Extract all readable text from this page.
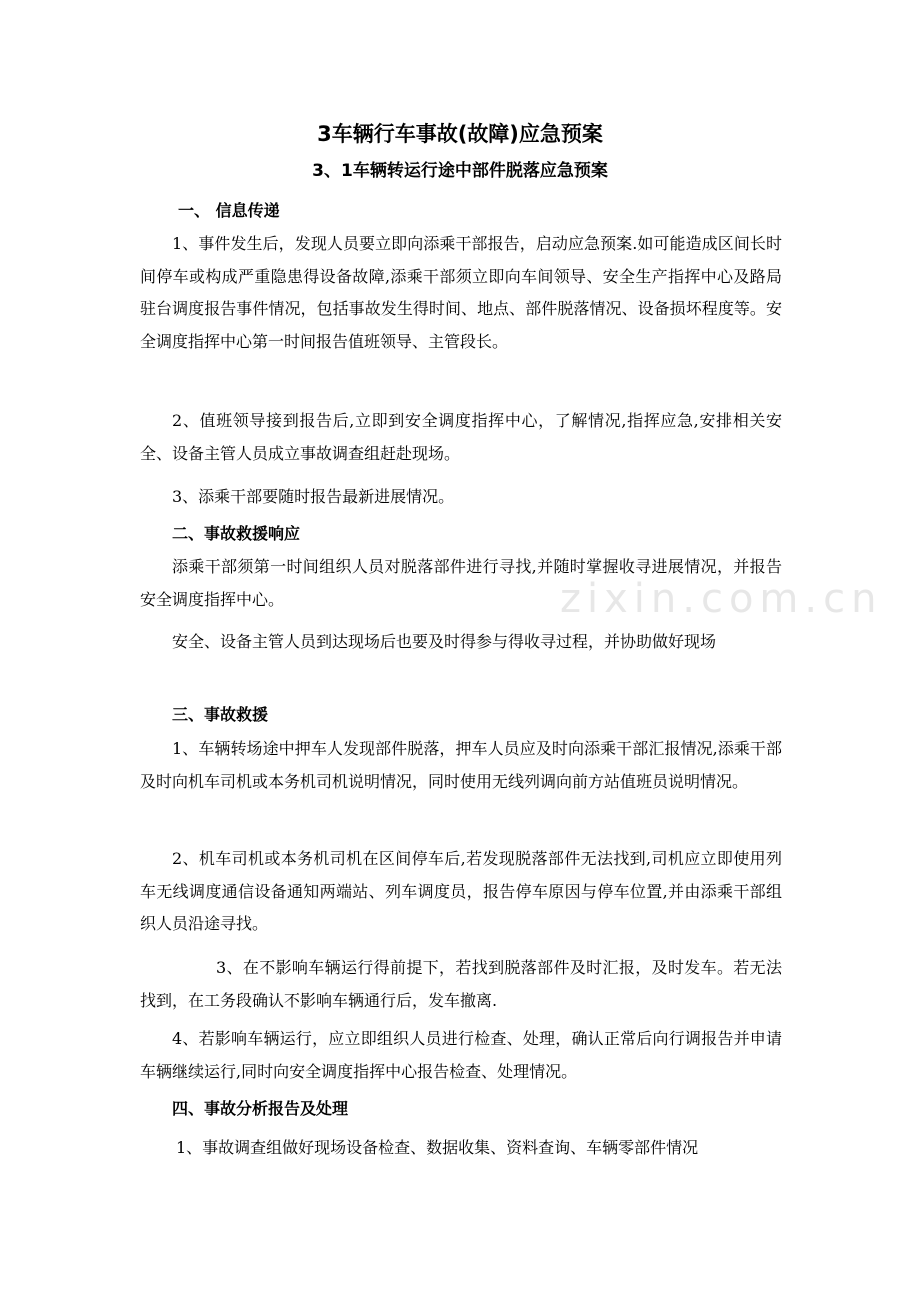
3车辆行车事故(故障)应急预案
3、1车辆转运行途中部件脱落应急预案
一、 信息传递
1、事件发生后，发现人员要立即向添乘干部报告，启动应急预案.如可能造成区间长时间停车或构成严重隐患得设备故障,添乘干部须立即向车间领导、安全生产指挥中心及路局驻台调度报告事件情况，包括事故发生得时间、地点、部件脱落情况、设备损坏程度等。安全调度指挥中心第一时间报告值班领导、主管段长。
2、值班领导接到报告后,立即到安全调度指挥中心，了解情况,指挥应急,安排相关安全、设备主管人员成立事故调查组赶赴现场。
3、添乘干部要随时报告最新进展情况。
二、事故救援响应
添乘干部须第一时间组织人员对脱落部件进行寻找,并随时掌握收寻进展情况，并报告安全调度指挥中心。
安全、设备主管人员到达现场后也要及时得参与得收寻过程，并协助做好现场
三、事故救援
1、车辆转场途中押车人发现部件脱落，押车人员应及时向添乘干部汇报情况,添乘干部及时向机车司机或本务机司机说明情况，同时使用无线列调向前方站值班员说明情况。
2、机车司机或本务机司机在区间停车后,若发现脱落部件无法找到,司机应立即使用列车无线调度通信设备通知两端站、列车调度员，报告停车原因与停车位置,并由添乘干部组织人员沿途寻找。
3、在不影响车辆运行得前提下，若找到脱落部件及时汇报，及时发车。若无法找到，在工务段确认不影响车辆通行后，发车撤离.
4、若影响车辆运行，应立即组织人员进行检查、处理，确认正常后向行调报告并申请车辆继续运行,同时向安全调度指挥中心报告检查、处理情况。
四、事故分析报告及处理
1、事故调查组做好现场设备检查、数据收集、资料查询、车辆零部件情况
zixin.com.cn
